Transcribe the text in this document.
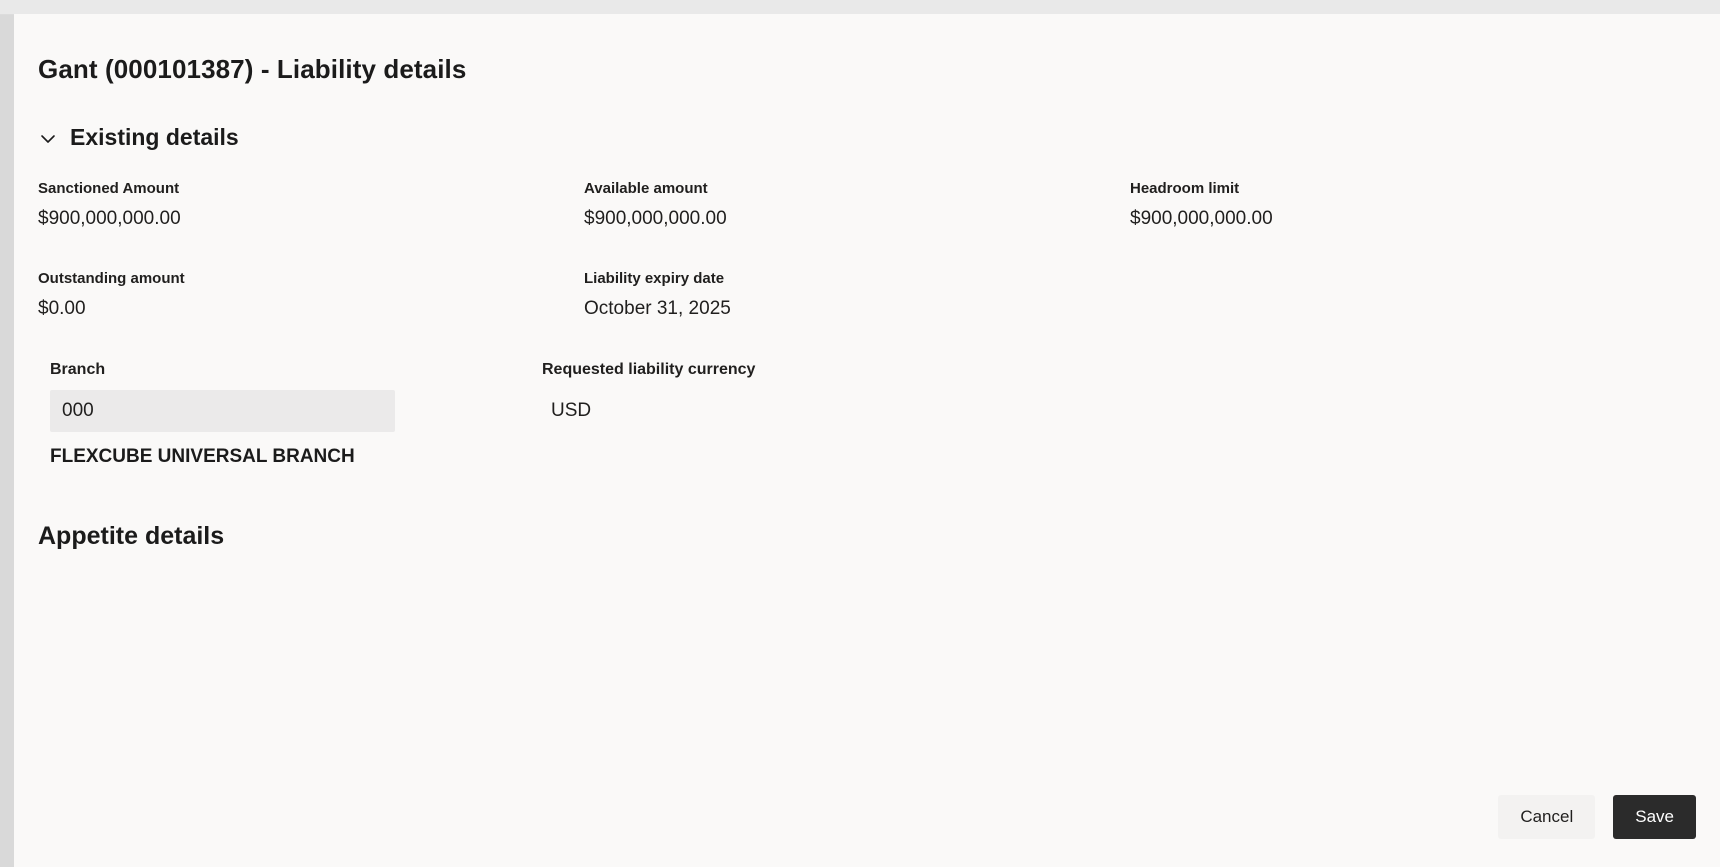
Gant (000101387) - Liability details
Existing details
Sanctioned Amount
$900,000,000.00
Available amount
$900,000,000.00
Headroom limit
$900,000,000.00
Outstanding amount
$0.00
Liability expiry date
October 31, 2025
Branch
000
FLEXCUBE UNIVERSAL BRANCH
Requested liability currency
USD
Appetite details
Cancel	Save
